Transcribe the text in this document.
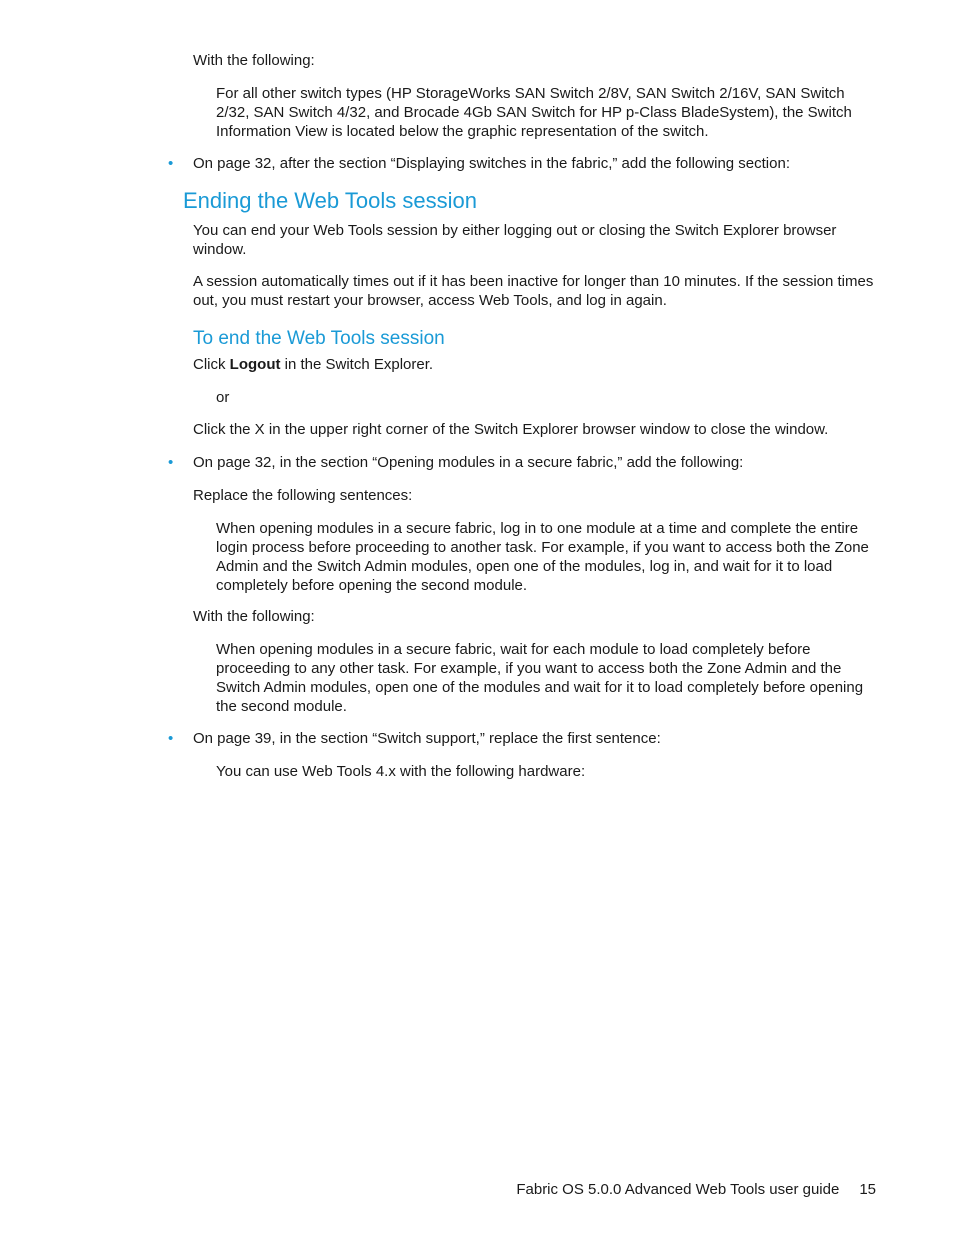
With the following:

For all other switch types (HP StorageWorks SAN Switch 2/8V, SAN Switch 2/16V, SAN Switch 2/32, SAN Switch 4/32, and Brocade 4Gb SAN Switch for HP p-Class BladeSystem), the Switch Information View is located below the graphic representation of the switch.

• On page 32, after the section “Displaying switches in the fabric,” add the following section:
Ending the Web Tools session

You can end your Web Tools session by either logging out or closing the Switch Explorer browser window.

A session automatically times out if it has been inactive for longer than 10 minutes. If the session times out, you must restart your browser, access Web Tools, and log in again.

To end the Web Tools session

Click Logout in the Switch Explorer.

or

Click the X in the upper right corner of the Switch Explorer browser window to close the window.

• On page 32, in the section “Opening modules in a secure fabric,” add the following:

Replace the following sentences:

When opening modules in a secure fabric, log in to one module at a time and complete the entire login process before proceeding to another task. For example, if you want to access both the Zone Admin and the Switch Admin modules, open one of the modules, log in, and wait for it to load completely before opening the second module.

With the following:

When opening modules in a secure fabric, wait for each module to load completely before proceeding to any other task. For example, if you want to access both the Zone Admin and the Switch Admin modules, open one of the modules and wait for it to load completely before opening the second module.

• On page 39, in the section “Switch support,” replace the first sentence:

You can use Web Tools 4.x with the following hardware:

Fabric OS 5.0.0 Advanced Web Tools user guide 15
